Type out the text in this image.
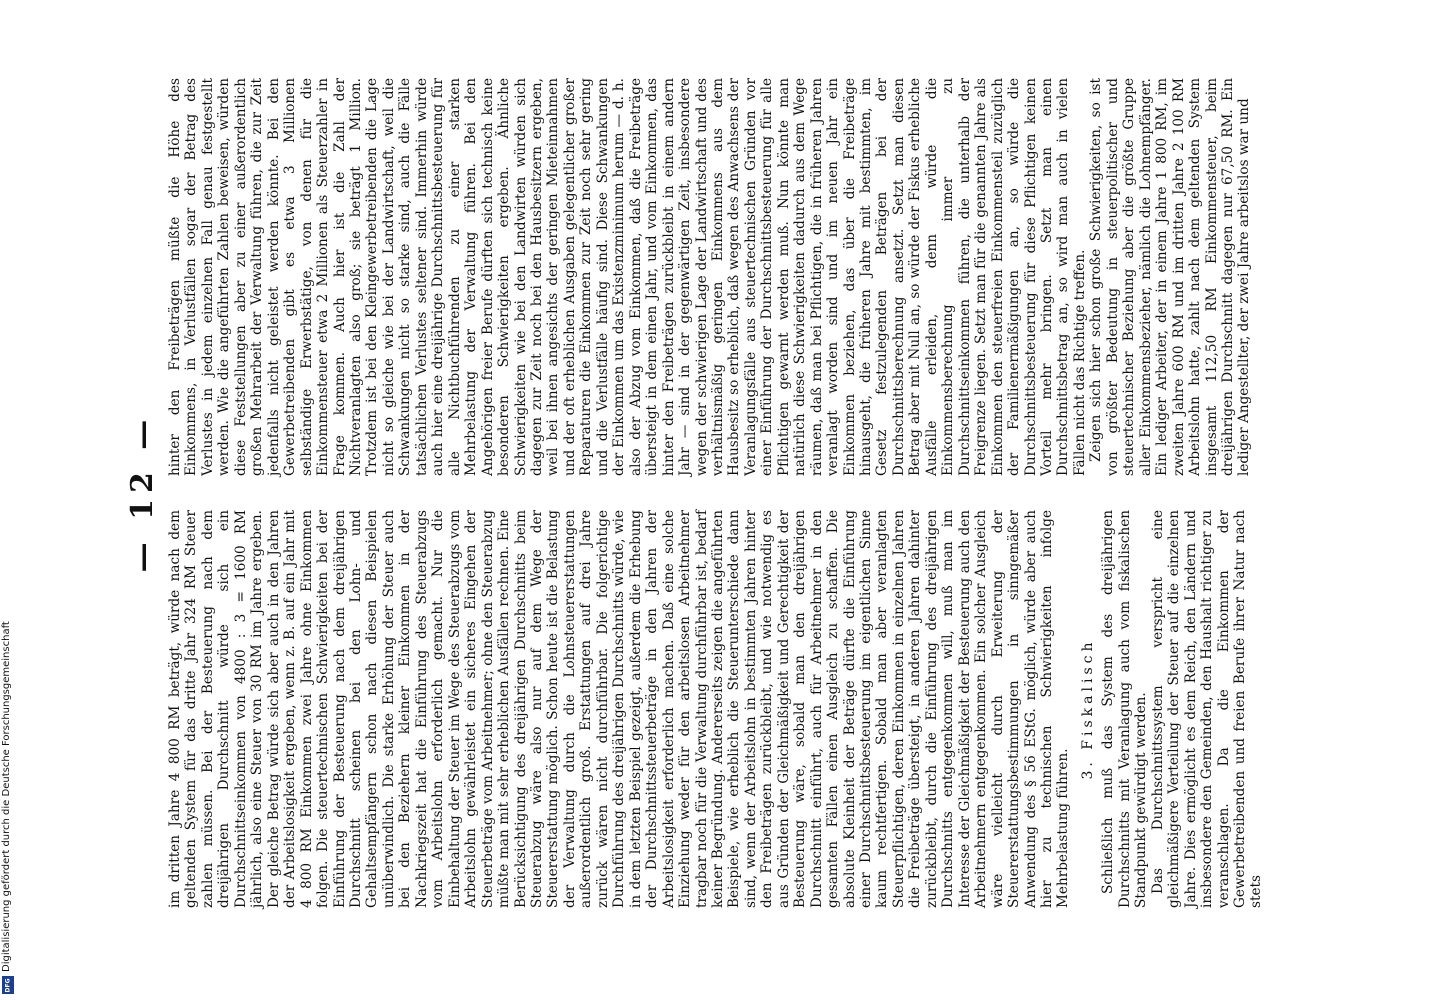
— 12 —

im dritten Jahre 4 800 RM beträgt, würde nach dem geltenden System für das dritte Jahr 324 RM Steuer zahlen müssen. Bei der Besteuerung nach dem dreijährigen Durchschnitt würde sich ein Durchschnittseinkommen von 4800 : 3 = 1600 RM jährlich, also eine Steuer von 30 RM im Jahre ergeben. Der gleiche Betrag würde sich aber auch in den Jahren der Arbeitslosigkeit ergeben, wenn z. B. auf ein Jahr mit 4 800 RM Einkommen zwei Jahre ohne Einkommen folgen. Die steuertechnischen Schwierigkeiten bei der Einführung der Besteuerung nach dem dreijährigen Durchschnitt scheinen bei den Lohn- und Gehaltsempfängern schon nach diesen Beispielen unüberwindlich. Die starke Erhöhung der Steuer auch bei den Beziehern kleiner Einkommen in der Nachkriegszeit hat die Einführung des Steuerabzugs vom Arbeitslohn erforderlich gemacht. Nur die Einbehaltung der Steuer im Wege des Steuerabzugs vom Arbeitslohn gewährleistet ein sicheres Eingehen der Steuerbeträge vom Arbeitnehmer; ohne den Steuerabzug müßte man mit sehr erheblichen Ausfällen rechnen. Eine Berücksichtigung des dreijährigen Durchschnitts beim Steuerabzug wäre also nur auf dem Wege der Steuererstattung möglich. Schon heute ist die Belastung der Verwaltung durch die Lohnsteuererstattungen außerordentlich groß. Erstattungen auf drei Jahre zurück wären nicht durchführbar. Die folgerichtige Durchführung des dreijährigen Durchschnitts würde, wie in dem letzten Beispiel gezeigt, außerdem die Erhebung der Durchschnittssteuerbeträge in den Jahren der Arbeitslosigkeit erforderlich machen. Daß eine solche Einziehung weder für den arbeitslosen Arbeitnehmer tragbar noch für die Verwaltung durchführbar ist, bedarf keiner Begründung. Andererseits zeigen die angeführten Beispiele, wie erheblich die Steuerunterschiede dann sind, wenn der Arbeitslohn in bestimmten Jahren hinter den Freibeträgen zurückbleibt, und wie notwendig es aus Gründen der Gleichmäßigkeit und Gerechtigkeit der Besteuerung wäre, sobald man den dreijährigen Durchschnitt einführt, auch für Arbeitnehmer in den gesamten Fällen einen Ausgleich zu schaffen. Die absolute Kleinheit der Beträge dürfte die Einführung einer Durchschnittsbesteuerung im eigentlichen Sinne kaum rechtfertigen. Sobald man aber veranlagten Steuerpflichtigen, deren Einkommen in einzelnen Jahren die Freibeträge übersteigt, in anderen Jahren dahinter zurückbleibt, durch die Einführung des dreijährigen Durchschnitts entgegenkommen will, muß man im Interesse der Gleichmäßigkeit der Besteuerung auch den Arbeitnehmern entgegenkommen. Ein solcher Ausgleich wäre vielleicht durch Erweiterung der Steuererstattungsbestimmungen in sinngemäßer Anwendung des § 56 EStG. möglich, würde aber auch hier zu technischen Schwierigkeiten infolge Mehrbelastung führen.

3. Fiskalisch Schließlich muß das System des dreijährigen Durchschnitts mit Veranlagung auch vom fiskalischen Standpunkt gewürdigt werden. Das Durchschnittssystem verspricht eine gleichmäßigere Verteilung der Steuer auf die einzelnen Jahre. Dies ermöglicht es dem Reich, den Ländern und insbesondere den Gemeinden, den Haushalt richtiger zu veranschlagen. Da die Einkommen der Gewerbetreibenden und freien Berufe ihrer Natur nach stets

hinter den Freibeträgen müßte die Höhe des Einkommens, in Verlustfällen sogar der Betrag des Verlustes in jedem einzelnen Fall genau festgestellt werden. Wie die angeführten Zahlen beweisen, würden diese Feststellungen aber zu einer außerordentlich großen Mehrarbeit der Verwaltung führen, die zur Zeit jedenfalls nicht geleistet werden könnte. Bei den Gewerbetreibenden gibt es etwa 3 Millionen selbständige Erwerbstätige, von denen für die Einkommensteuer etwa 2 Millionen als Steuerzahler in Frage kommen. Auch hier ist die Zahl der Nichtveranlagten also groß; sie beträgt 1 Million. Trotzdem ist bei den Kleingewerbetreibenden die Lage nicht so gleiche wie bei der Landwirtschaft, weil die Schwankungen nicht so starke sind, auch die Fälle tatsächlichen Verlustes seltener sind. Immerhin würde auch hier eine dreijährige Durchschnittsbesteuerung für alle Nichtbuchführenden zu einer starken Mehrbelastung der Verwaltung führen. Bei den Angehörigen freier Berufe dürften sich technisch keine besonderen Schwierigkeiten ergeben. Ähnliche Schwierigkeiten wie bei den Landwirten würden sich dagegen zur Zeit noch bei den Hausbesitzern ergeben, weil bei ihnen angesichts der geringen Mieteinnahmen und der oft erheblichen Ausgaben gelegentlicher großer Reparaturen die Einkommen zur Zeit noch sehr gering und die Verlustfälle häufig sind. Diese Schwankungen der Einkommen um das Existenzminimum herum — d. h. also der Abzug vom Einkommen, daß die Freibeträge übersteigt in dem einen Jahr, und vom Einkommen, das hinter den Freibeträgen zurückbleibt in einem andern Jahr — sind in der gegenwärtigen Zeit, insbesondere wegen der schwierigen Lage der Landwirtschaft und des verhältnismäßig geringen Einkommens aus dem Hausbesitz so erheblich, daß wegen des Anwachsens der Veranlagungsfälle aus steuertechnischen Gründen vor einer Einführung der Durchschnittsbesteuerung für alle Pflichtigen gewarnt werden muß. Nun könnte man natürlich diese Schwierigkeiten dadurch aus dem Wege räumen, daß man bei Pflichtigen, die in früheren Jahren veranlagt worden sind und im neuen Jahr ein Einkommen beziehen, das über die Freibeträge hinausgeht, die früheren Jahre mit bestimmten, im Gesetz festzulegenden Beträgen bei der Durchschnittsberechnung ansetzt. Setzt man diesen Betrag aber mit Null an, so würde der Fiskus erhebliche Ausfälle erleiden, denn würde die Einkommensberechnung immer zu Durchschnittseinkommen führen, die unterhalb der Freigrenze liegen. Setzt man für die genannten Jahre als Einkommen den steuerfreien Einkommensteil zuzüglich der Familienermäßigungen an, so würde die Durchschnittsbesteuerung für diese Pflichtigen keinen Vorteil mehr bringen. Setzt man einen Durchschnittsbetrag an, so wird man auch in vielen Fällen nicht das Richtige treffen. Zeigen sich hier schon große Schwierigkeiten, so ist von größter Bedeutung in steuerpolitischer und steuertechnischer Beziehung aber die größte Gruppe aller Einkommensbezieher, nämlich die Lohnempfänger. Ein lediger Arbeiter, der in einem Jahre 1 800 RM, im zweiten Jahre 600 RM und im dritten Jahre 2 100 RM Arbeitslohn hatte, zahlt nach dem geltenden System insgesamt 112,50 RM Einkommensteuer, beim dreijährigen Durchschnitt dagegen nur 67,50 RM. Ein lediger Angestellter, der zwei Jahre arbeitslos war und

Digitalisierung gefördert durch die Deutsche Forschungsgemeinschaft
DFG
